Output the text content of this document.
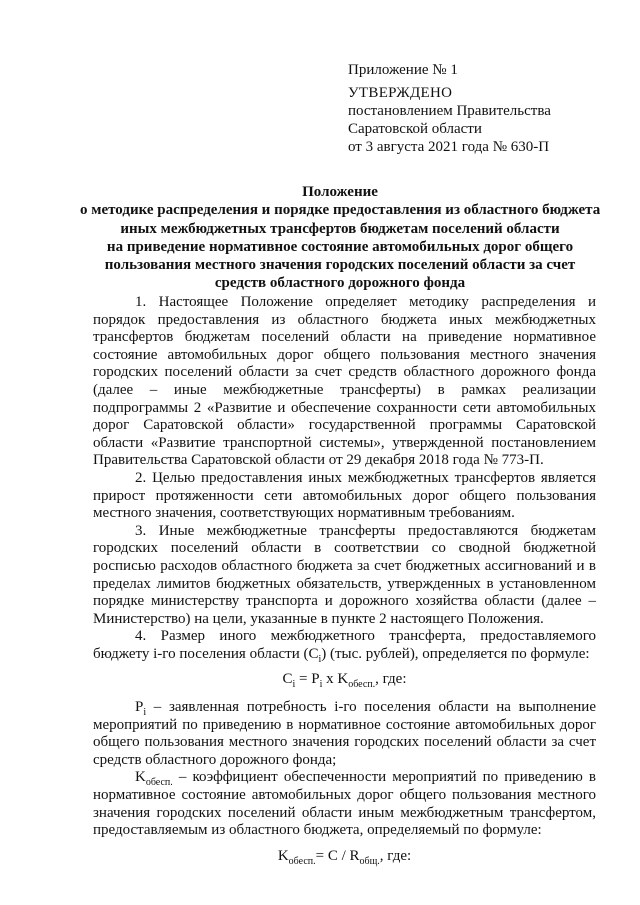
Приложение № 1
УТВЕРЖДЕНО
постановлением Правительства
Саратовской области
от 3 августа 2021 года № 630-П
Положение
о методике распределения и порядке предоставления из областного бюджета
иных межбюджетных трансфертов бюджетам поселений области
на приведение нормативное состояние автомобильных дорог общего
пользования местного значения городских поселений области за счет
средств областного дорожного фонда

1. Настоящее Положение определяет методику распределения и порядок предоставления из областного бюджета иных межбюджетных трансфертов бюджетам поселений области на приведение нормативное состояние автомобильных дорог общего пользования местного значения городских поселений области за счет средств областного дорожного фонда (далее – иные межбюджетные трансферты) в рамках реализации подпрограммы 2 «Развитие и обеспечение сохранности сети автомобильных дорог Саратовской области» государственной программы Саратовской области «Развитие транспортной системы», утвержденной постановлением Правительства Саратовской области от 29 декабря 2018 года № 773-П.

2. Целью предоставления иных межбюджетных трансфертов является прирост протяженности сети автомобильных дорог общего пользования местного значения, соответствующих нормативным требованиям.

3. Иные межбюджетные трансферты предоставляются бюджетам городских поселений области в соответствии со сводной бюджетной росписью расходов областного бюджета за счет бюджетных ассигнований и в пределах лимитов бюджетных обязательств, утвержденных в установленном порядке министерству транспорта и дорожного хозяйства области (далее – Министерство) на цели, указанные в пункте 2 настоящего Положения.

4. Размер иного межбюджетного трансферта, предоставляемого бюджету i-го поселения области $(C_i)$ (тыс. рублей), определяется по формуле:

$C_i = P_i$ x $K_{обесп.}$, где:

$P_i$ – заявленная потребность i-го поселения области на выполнение мероприятий по приведению в нормативное состояние автомобильных дорог общего пользования местного значения городских поселений области за счет средств областного дорожного фонда;

$K_{обесп.}$ – коэффициент обеспеченности мероприятий по приведению в нормативное состояние автомобильных дорог общего пользования местного значения городских поселений области иным межбюджетным трансфертом, предоставляемым из областного бюджета, определяемый по формуле:

$K_{обесп.}= C / R_{общ.}$, где:
